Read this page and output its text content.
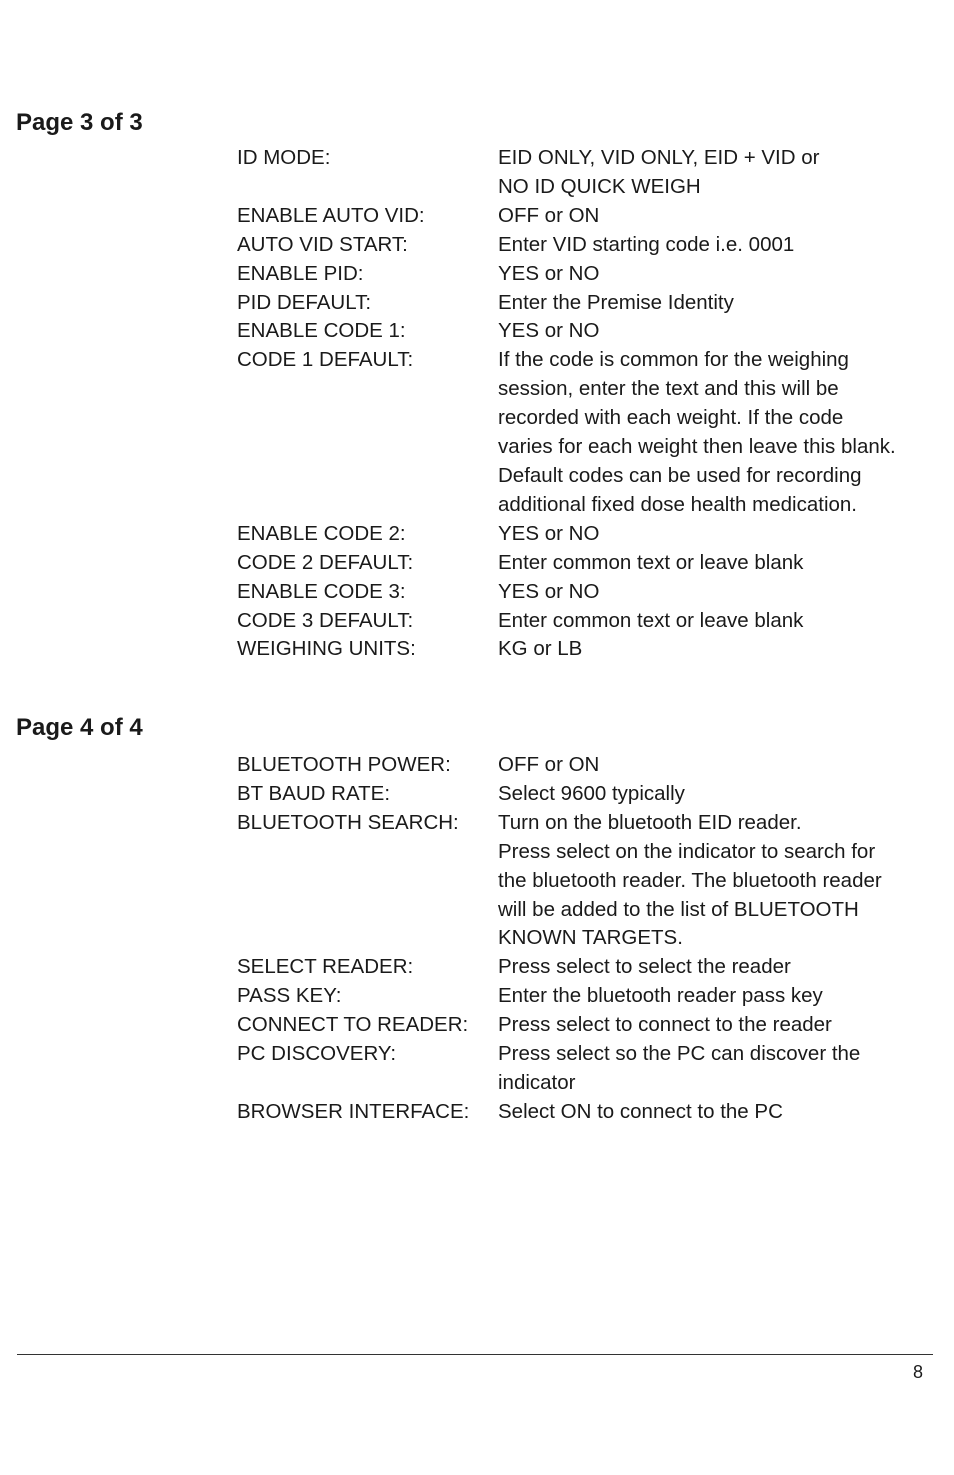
Page 3 of 3
ID MODE:	EID ONLY, VID ONLY, EID + VID or
NO ID QUICK WEIGH
ENABLE AUTO VID:	OFF or ON
AUTO VID START:	Enter VID starting code i.e. 0001
ENABLE PID:	YES or NO
PID DEFAULT:	Enter the Premise Identity
ENABLE CODE 1:	YES or NO
CODE 1 DEFAULT:	If the code is common for the weighing
session, enter the text and this will be
recorded with each weight. If the code
varies for each weight then leave this blank.
Default codes can be used for recording
additional fixed dose health medication.
ENABLE CODE 2:	YES or NO
CODE 2 DEFAULT:	Enter common text or leave blank
ENABLE CODE 3:	YES or NO
CODE 3 DEFAULT:	Enter common text or leave blank
WEIGHING UNITS:	KG or LB
Page 4 of 4
BLUETOOTH POWER:	OFF or ON
BT BAUD RATE:	Select 9600 typically
BLUETOOTH SEARCH:	Turn on the bluetooth EID reader.
Press select on the indicator to search for
the bluetooth reader. The bluetooth reader
will be added to the list of BLUETOOTH
KNOWN TARGETS.
SELECT READER:	Press select to select the reader
PASS KEY:	Enter the bluetooth reader pass key
CONNECT TO READER:	Press select to connect to the reader
PC DISCOVERY:	Press select so the PC can discover the
indicator
BROWSER INTERFACE:	Select ON to connect to the PC
8
